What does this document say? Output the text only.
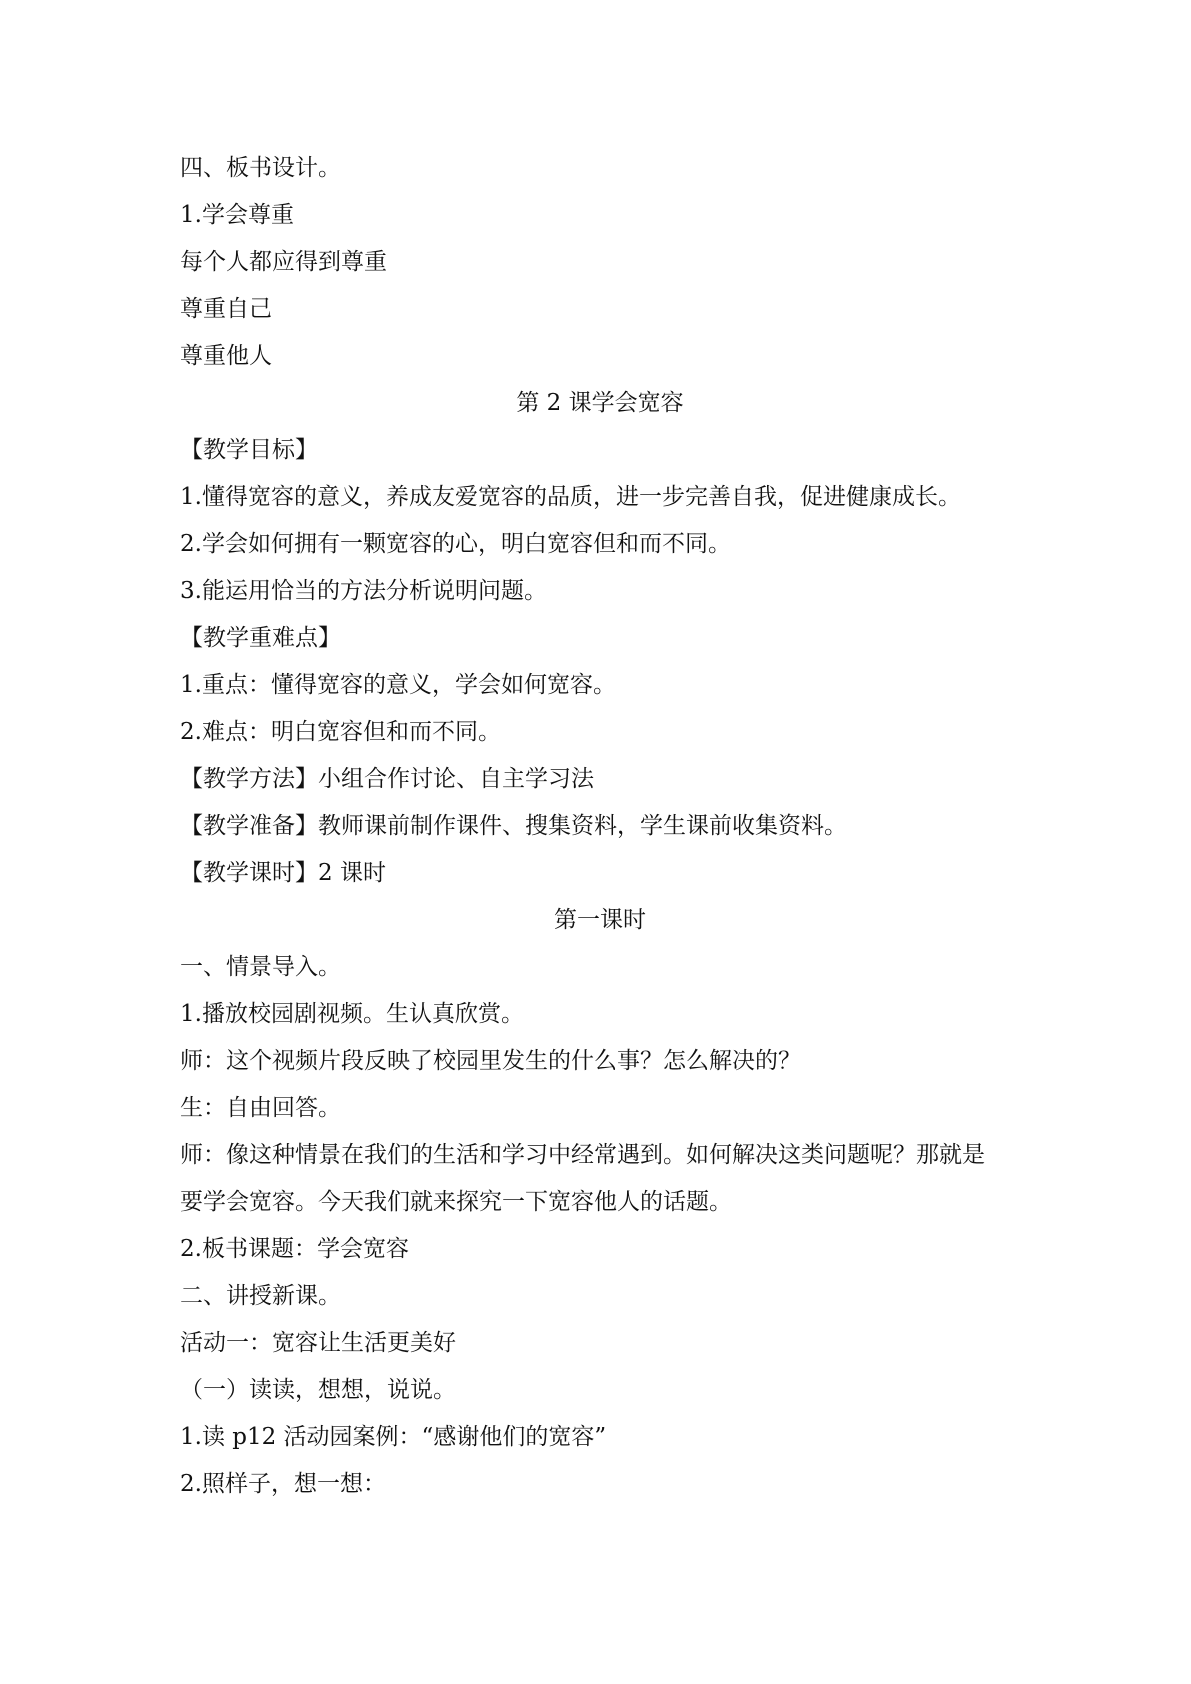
四、板书设计。
1.学会尊重
每个人都应得到尊重
尊重自己
尊重他人
第 2 课学会宽容
【教学目标】
1.懂得宽容的意义，养成友爱宽容的品质，进一步完善自我，促进健康成长。
2.学会如何拥有一颗宽容的心，明白宽容但和而不同。
3.能运用恰当的方法分析说明问题。
【教学重难点】
1.重点：懂得宽容的意义，学会如何宽容。
2.难点：明白宽容但和而不同。
【教学方法】小组合作讨论、自主学习法
【教学准备】教师课前制作课件、搜集资料，学生课前收集资料。
【教学课时】2 课时
第一课时
一、情景导入。
1.播放校园剧视频。生认真欣赏。
师：这个视频片段反映了校园里发生的什么事？怎么解决的？
生：自由回答。
师：像这种情景在我们的生活和学习中经常遇到。如何解决这类问题呢？那就是
要学会宽容。今天我们就来探究一下宽容他人的话题。
2.板书课题：学会宽容
二、讲授新课。
活动一：宽容让生活更美好
（一）读读，想想，说说。
1.读 p12 活动园案例：“感谢他们的宽容”
2.照样子，想一想：
